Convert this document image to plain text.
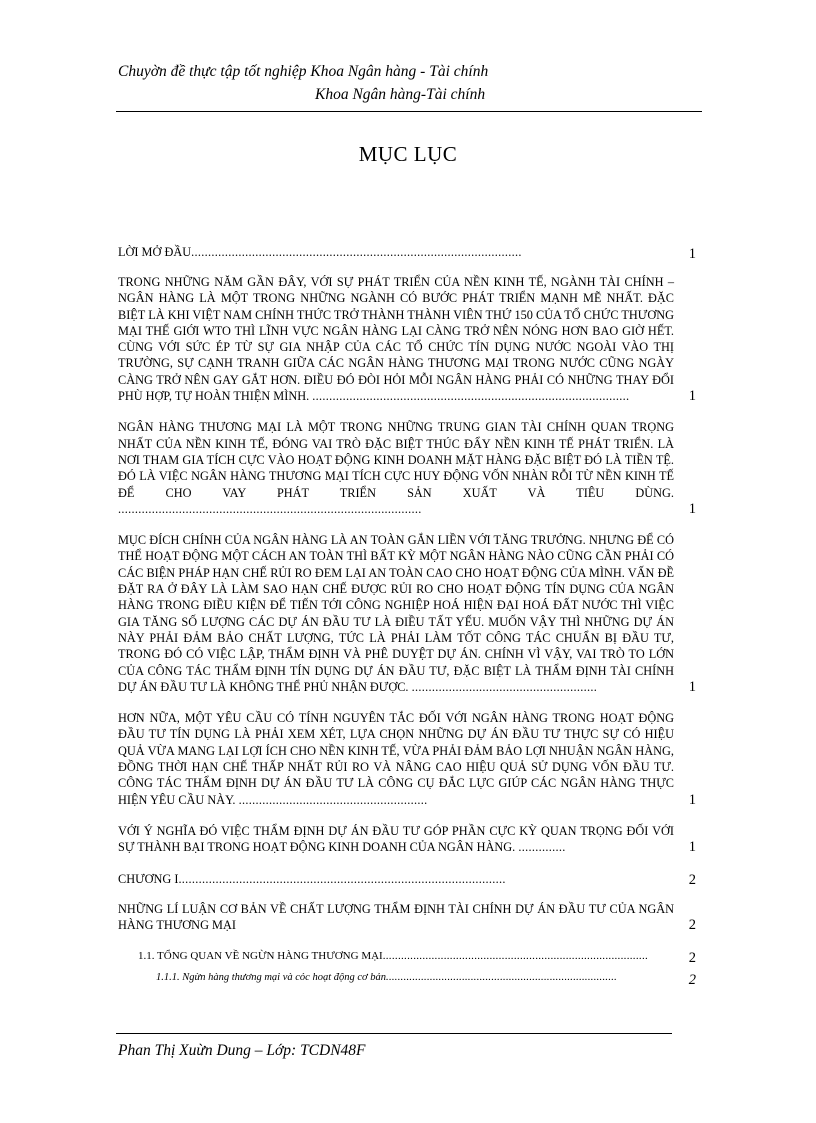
Chuyờn đề thực tập tốt nghiệp Khoa Ngân hàng - Tài chính
Khoa Ngân hàng-Tài chính
MỤC LỤC
LỜI MỞ ĐẦU..................................................................................................	1
TRONG NHỮNG NĂM GẦN ĐÂY, VỚI SỰ PHÁT TRIỂN CỦA NỀN KINH TẾ, NGÀNH TÀI CHÍNH – NGÂN HÀNG LÀ MỘT TRONG NHỮNG NGÀNH CÓ BƯỚC PHÁT TRIỂN MẠNH MẼ NHẤT. ĐẶC BIỆT LÀ KHI VIỆT NAM CHÍNH THỨC TRỞ THÀNH THÀNH VIÊN THỨ 150 CỦA TỔ CHỨC THƯƠNG MẠI THẾ GIỚI WTO THÌ LĨNH VỰC NGÂN HÀNG LẠI CÀNG TRỞ NÊN NÓNG HƠN BAO GIỜ HẾT. CÙNG VỚI SỨC ÉP TỪ SỰ GIA NHẬP CỦA CÁC TỔ CHỨC TÍN DỤNG NƯỚC NGOÀI VÀO THỊ TRƯỜNG, SỰ CẠNH TRANH GIỮA CÁC NGÂN HÀNG THƯƠNG MẠI TRONG NƯỚC CŨNG NGÀY CÀNG TRỞ NÊN GAY GẮT HƠN. ĐIỀU ĐÓ ĐÒI HỎI MỖI NGÂN HÀNG PHẢI CÓ NHỮNG THAY ĐỔI PHÙ HỢP, TỰ HOÀN THIỆN MÌNH. ..............................................................................................	1
NGÂN HÀNG THƯƠNG MẠI LÀ MỘT TRONG NHỮNG TRUNG GIAN TÀI CHÍNH QUAN TRỌNG NHẤT CỦA NỀN KINH TẾ, ĐÓNG VAI TRÒ ĐẶC BIỆT THÚC ĐẨY NỀN KINH TẾ PHÁT TRIỂN. LÀ NƠI THAM GIA TÍCH CỰC VÀO HOẠT ĐỘNG KINH DOANH MẶT HÀNG ĐẶC BIỆT ĐÓ LÀ TIỀN TỆ. ĐÓ LÀ VIỆC NGÂN HÀNG THƯƠNG MẠI TÍCH CỰC HUY ĐỘNG VỐN NHÀN RỖI TỪ NỀN KINH TẾ ĐỂ CHO VAY PHÁT TRIỂN SẢN XUẤT VÀ TIÊU DÙNG. ..........................................................................................	1
MỤC ĐÍCH CHÍNH CỦA NGÂN HÀNG LÀ AN TOÀN GẮN LIỀN VỚI TĂNG TRƯỞNG. NHƯNG ĐỂ CÓ THỂ HOẠT ĐỘNG MỘT CÁCH AN TOÀN THÌ BẤT KỲ MỘT NGÂN HÀNG NÀO CŨNG CẦN PHẢI CÓ CÁC BIỆN PHÁP HẠN CHẾ RỦI RO ĐEM LẠI AN TOÀN CAO CHO HOẠT ĐỘNG CỦA MÌNH. VẤN ĐỀ ĐẶT RA Ở ĐÂY LÀ LÀM SAO HẠN CHẾ ĐƯỢC RỦI RO CHO HOẠT ĐỘNG TÍN DỤNG CỦA NGÂN HÀNG TRONG ĐIỀU KIỆN ĐỂ TIẾN TỚI CÔNG NGHIỆP HOÁ HIỆN ĐẠI HOÁ ĐẤT NƯỚC THÌ VIỆC GIA TĂNG SỐ LƯỢNG CÁC DỰ ÁN ĐẦU TƯ LÀ ĐIỀU TẤT YẾU. MUỐN VẬY THÌ NHỮNG DỰ ÁN NÀY PHẢI ĐẢM BẢO CHẤT LƯỢNG, TỨC LÀ PHẢI LÀM TỐT CÔNG TÁC CHUẨN BỊ ĐẦU TƯ, TRONG ĐÓ CÓ VIỆC LẬP, THẨM ĐỊNH VÀ PHÊ DUYỆT DỰ ÁN. CHÍNH VÌ VẬY, VAI TRÒ TO LỚN CỦA CÔNG TÁC THẨM ĐỊNH TÍN DỤNG DỰ ÁN ĐẦU TƯ, ĐẶC BIỆT LÀ THẨM ĐỊNH TÀI CHÍNH DỰ ÁN ĐẦU TƯ LÀ KHÔNG THỂ PHỦ NHẬN ĐƯỢC. .......................................................	1
HƠN NỮA, MỘT YÊU CẦU CÓ TÍNH NGUYÊN TẮC ĐỐI VỚI NGÂN HÀNG TRONG HOẠT ĐỘNG ĐẦU TƯ TÍN DỤNG LÀ PHẢI XEM XÉT, LỰA CHỌN NHỮNG DỰ ÁN ĐẦU TƯ THỰC SỰ CÓ HIỆU QUẢ VỪA MANG LẠI LỢI ÍCH CHO NỀN KINH TẾ, VỪA PHẢI ĐẢM BẢO LỢI NHUẬN NGÂN HÀNG, ĐỒNG THỜI HẠN CHẾ THẤP NHẤT RỦI RO VÀ NÂNG CAO HIỆU QUẢ SỬ DỤNG VỐN ĐẦU TƯ. CÔNG TÁC THẨM ĐỊNH DỰ ÁN ĐẦU TƯ LÀ CÔNG CỤ ĐẮC LỰC GIÚP CÁC NGÂN HÀNG THỰC HIỆN YÊU CẦU NÀY. ........................................................	1
VỚI Ý NGHĨA ĐÓ VIỆC THẨM ĐỊNH DỰ ÁN ĐẦU TƯ GÓP PHẦN CỰC KỲ QUAN TRỌNG ĐỐI VỚI SỰ THÀNH BẠI TRONG HOẠT ĐỘNG KINH DOANH CỦA NGÂN HÀNG. ..............	1
CHƯƠNG I.................................................................................................	2
NHỮNG LÍ LUẬN CƠ BẢN VỀ CHẤT LƯỢNG THẨM ĐỊNH TÀI CHÍNH DỰ ÁN ĐẦU TƯ CỦA NGÂN HÀNG THƯƠNG MẠI	2
1.1. TỔNG QUAN VỀ NGỪN HÀNG THƯƠNG MẠI.......................................................................................	2
1.1.1. Ngừn hàng thương mại và cỏc hoạt động cơ bản...............................................................................	2
Phan Thị Xuừn Dung – Lớp: TCDN48F
